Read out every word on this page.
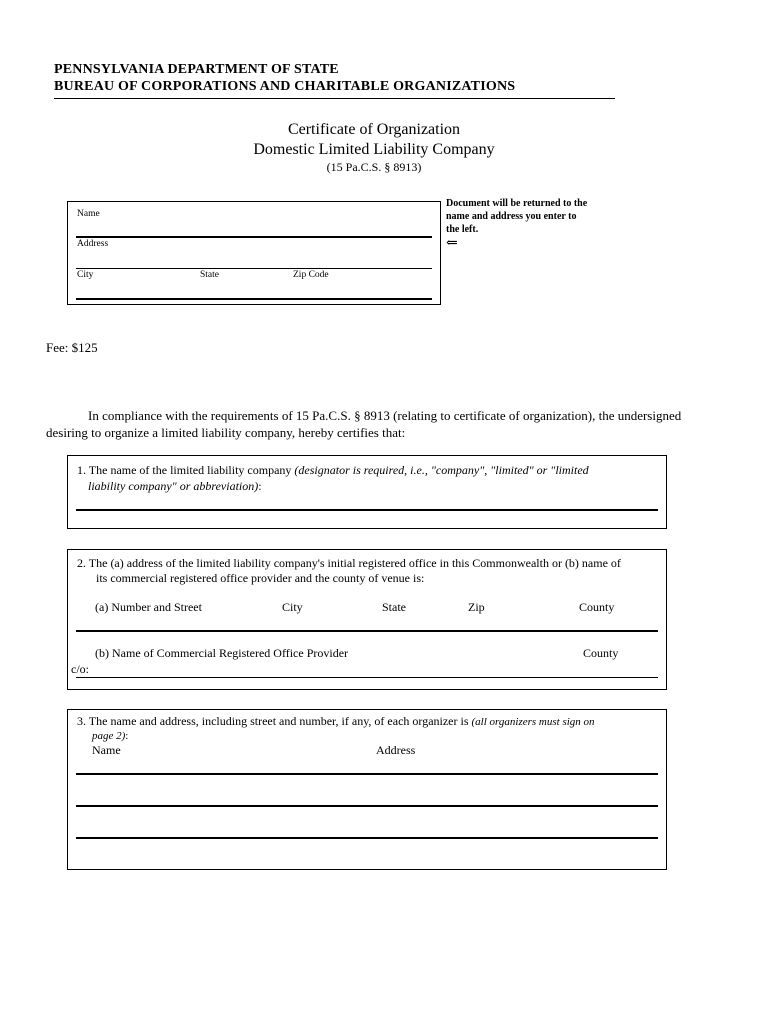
PENNSYLVANIA DEPARTMENT OF STATE
BUREAU OF CORPORATIONS AND CHARITABLE ORGANIZATIONS
Certificate of Organization
Domestic Limited Liability Company
(15 Pa.C.S. § 8913)
Name
Address
City	State	Zip Code
Document will be returned to the
name and address you enter to
the left.
⇐
Fee: $125
In compliance with the requirements of 15 Pa.C.S. § 8913 (relating to certificate of organization), the undersigned
desiring to organize a limited liability company, hereby certifies that:
1. The name of the limited liability company (designator is required, i.e., "company", "limited" or "limited
liability company" or abbreviation):
2. The (a) address of the limited liability company's initial registered office in this Commonwealth or (b) name of
its commercial registered office provider and the county of venue is:
(a) Number and Street	City	State	Zip	County
(b) Name of Commercial Registered Office Provider	County
c/o:
3. The name and address, including street and number, if any, of each organizer is (all organizers must sign on
page 2):
Name	Address
